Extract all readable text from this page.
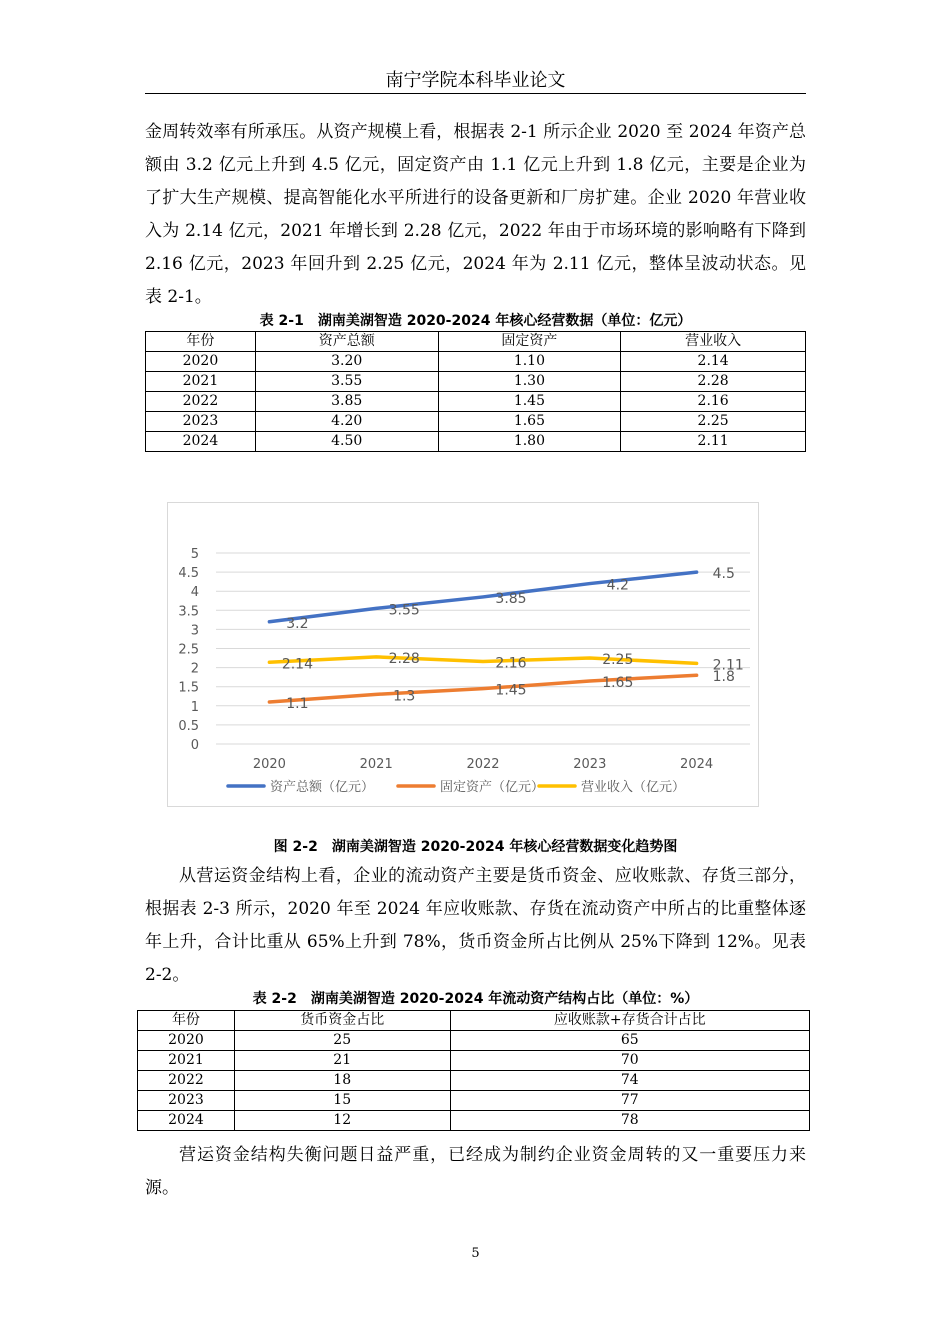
南宁学院本科毕业论文

金周转效率有所承压。从资产规模上看，根据表 2-1 所示企业 2020 至 2024 年资产总额由 3.2 亿元上升到 4.5 亿元，固定资产由 1.1 亿元上升到 1.8 亿元，主要是企业为了扩大生产规模、提高智能化水平所进行的设备更新和厂房扩建。企业 2020 年营业收入为 2.14 亿元，2021 年增长到 2.28 亿元，2022 年由于市场环境的影响略有下降到 2.16 亿元，2023 年回升到 2.25 亿元，2024 年为 2.11 亿元，整体呈波动状态。见表 2-1。

表 2-1　湖南美湖智造 2020-2024 年核心经营数据（单位：亿元）
年份	资产总额	固定资产	营业收入
2020	3.20	1.10	2.14
2021	3.55	1.30	2.28
2022	3.85	1.45	2.16
2023	4.20	1.65	2.25
2024	4.50	1.80	2.11
0
0.5
1
1.5
2
2.5
3
3.5
4
4.5
5
2020	2021	2022	2023	2024
3.2
3.55
3.85
4.2
4.5
1.1	1.3	1.45	1.65	1.8
2.14	2.28	2.16	2.25	2.11
资产总额（亿元）	固定资产（亿元）	营业收入（亿元）
图 2-2　湖南美湖智造 2020-2024 年核心经营数据变化趋势图

从营运资金结构上看，企业的流动资产主要是货币资金、应收账款、存货三部分，根据表 2-3 所示，2020 年至 2024 年应收账款、存货在流动资产中所占的比重整体逐年上升，合计比重从 65%上升到 78%，货币资金所占比例从 25%下降到 12%。见表 2-2。

表 2-2　湖南美湖智造 2020-2024 年流动资产结构占比（单位：%）
年份	货币资金占比	应收账款+存货合计占比
2020	25	65
2021	21	70
2022	18	74
2023	15	77
2024	12	78

营运资金结构失衡问题日益严重，已经成为制约企业资金周转的又一重要压力来源。

5
